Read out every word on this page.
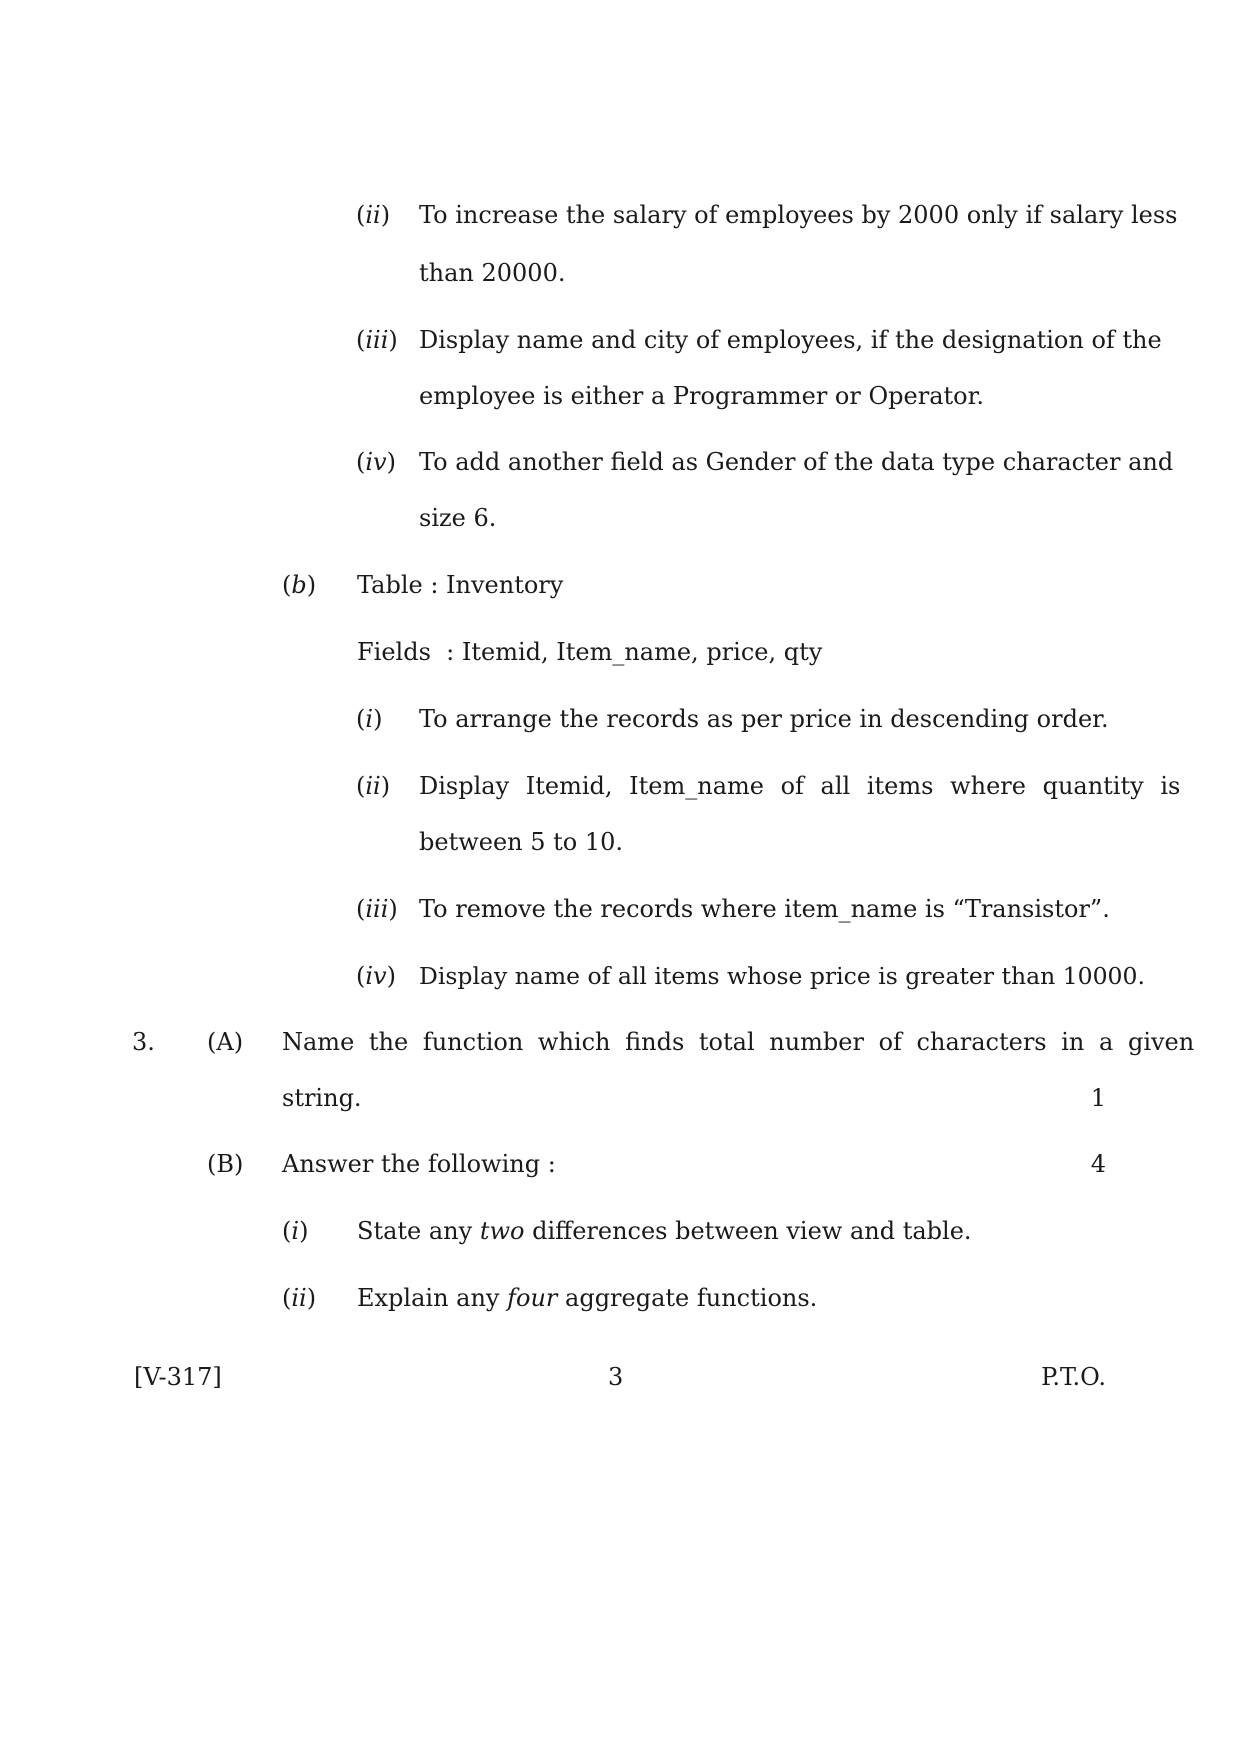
(ii) To increase the salary of employees by 2000 only if salary less
than 20000.
(iii) Display name and city of employees, if the designation of the
employee is either a Programmer or Operator.
(iv) To add another field as Gender of the data type character and
size 6.
(b) Table : Inventory
Fields  : Itemid, Item_name, price, qty
(i) To arrange the records as per price in descending order.
(ii) Display Itemid, Item_name of all items where quantity is
between 5 to 10.
(iii) To remove the records where item_name is “Transistor”.
(iv) Display name of all items whose price is greater than 10000.
3. (A) Name the function which finds total number of characters in a given
string.	1
(B) Answer the following :	4
(i) State any two differences between view and table.
(ii) Explain any four aggregate functions.
[V-317]	3	P.T.O.
